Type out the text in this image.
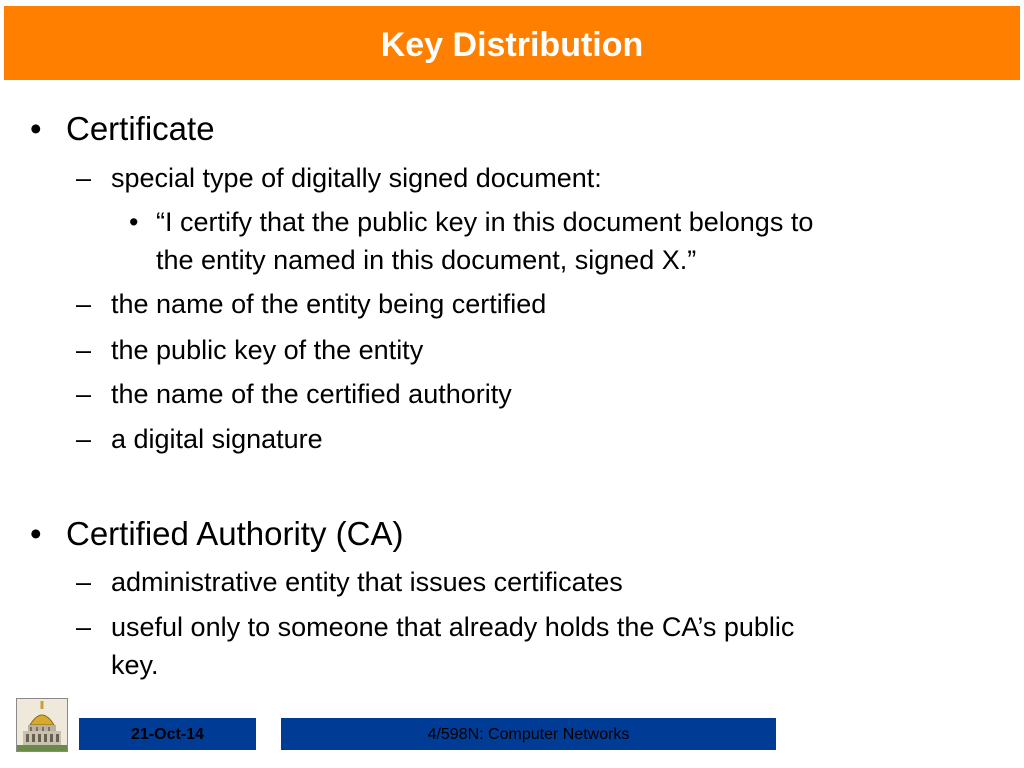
Key Distribution
• Certificate
– special type of digitally signed document:
• “I certify that the public key in this document belongs to
the entity named in this document, signed X.”
– the name of the entity being certified
– the public key of the entity
– the name of the certified authority
– a digital signature
• Certified Authority (CA)
– administrative entity that issues certificates
– useful only to someone that already holds the CA’s public
key.
21-Oct-14	4/598N: Computer Networks
